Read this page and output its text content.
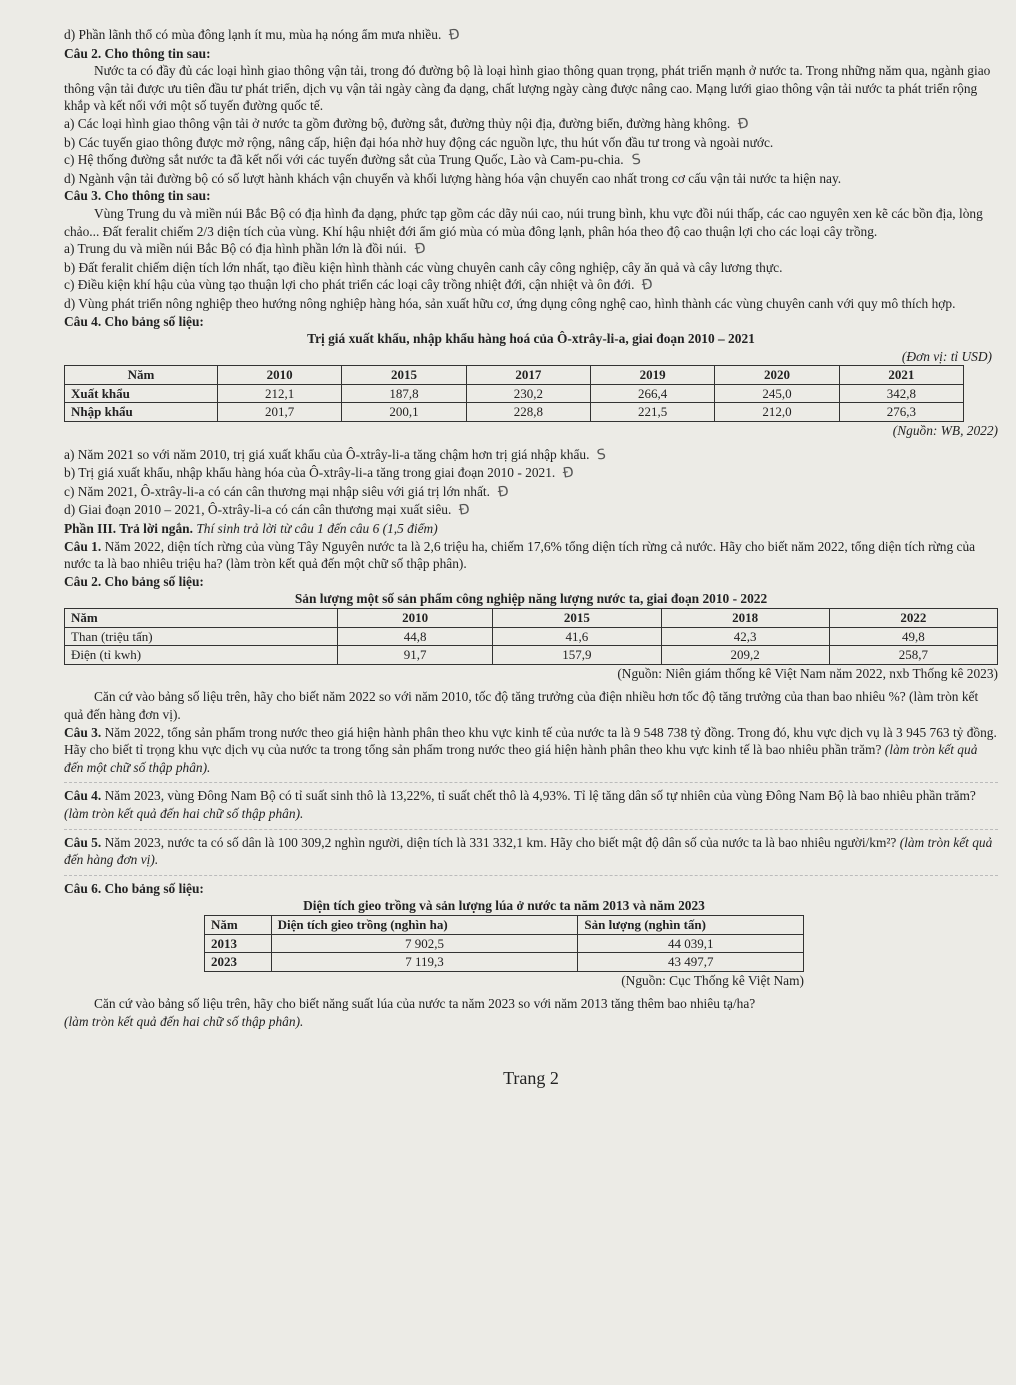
d) Phần lãnh thổ có mùa đông lạnh ít mu, mùa hạ nóng ẩm mưa nhiều. Ɖ

Câu 2. Cho thông tin sau:

Nước ta có đầy đủ các loại hình giao thông vận tải, trong đó đường bộ là loại hình giao thông quan trọng, phát triển mạnh ở nước ta. Trong những năm qua, ngành giao thông vận tải được ưu tiên đầu tư phát triển, dịch vụ vận tải ngày càng đa dạng, chất lượng ngày càng được nâng cao. Mạng lưới giao thông vận tải nước ta phát triển rộng khắp và kết nối với một số tuyến đường quốc tế.

a) Các loại hình giao thông vận tải ở nước ta gồm đường bộ, đường sắt, đường thủy nội địa, đường biển, đường hàng không. Ɖ

b) Các tuyến giao thông được mở rộng, nâng cấp, hiện đại hóa nhờ huy động các nguồn lực, thu hút vốn đầu tư trong và ngoài nước.

c) Hệ thống đường sắt nước ta đã kết nối với các tuyến đường sắt của Trung Quốc, Lào và Cam-pu-chia. S

d) Ngành vận tải đường bộ có số lượt hành khách vận chuyển và khối lượng hàng hóa vận chuyển cao nhất trong cơ cấu vận tải nước ta hiện nay.

Câu 3. Cho thông tin sau:

Vùng Trung du và miền núi Bắc Bộ có địa hình đa dạng, phức tạp gồm các dãy núi cao, núi trung bình, khu vực đồi núi thấp, các cao nguyên xen kẽ các bồn địa, lòng chảo... Đất feralit chiếm 2/3 diện tích của vùng. Khí hậu nhiệt đới ẩm gió mùa có mùa đông lạnh, phân hóa theo độ cao thuận lợi cho các loại cây trồng.

a) Trung du và miền núi Bắc Bộ có địa hình phần lớn là đồi núi. Ɖ

b) Đất feralit chiếm diện tích lớn nhất, tạo điều kiện hình thành các vùng chuyên canh cây công nghiệp, cây ăn quả và cây lương thực.

c) Điều kiện khí hậu của vùng tạo thuận lợi cho phát triển các loại cây trồng nhiệt đới, cận nhiệt và ôn đới. Ɖ

d) Vùng phát triển nông nghiệp theo hướng nông nghiệp hàng hóa, sản xuất hữu cơ, ứng dụng công nghệ cao, hình thành các vùng chuyên canh với quy mô thích hợp.

Câu 4. Cho bảng số liệu:

Trị giá xuất khẩu, nhập khẩu hàng hoá của Ô-xtrây-li-a, giai đoạn 2010 – 2021

(Đơn vị: tỉ USD)
Năm	2010	2015	2017	2019	2020	2021
Xuất khẩu	212,1	187,8	230,2	266,4	245,0	342,8
Nhập khẩu	201,7	200,1	228,8	221,5	212,0	276,3

(Nguồn: WB, 2022)

a) Năm 2021 so với năm 2010, trị giá xuất khẩu của Ô-xtrây-li-a tăng chậm hơn trị giá nhập khẩu. S

b) Trị giá xuất khẩu, nhập khẩu hàng hóa của Ô-xtrây-li-a tăng trong giai đoạn 2010 - 2021. Ɖ

c) Năm 2021, Ô-xtrây-li-a có cán cân thương mại nhập siêu với giá trị lớn nhất. Ɖ

d) Giai đoạn 2010 – 2021, Ô-xtrây-li-a có cán cân thương mại xuất siêu. Ɖ

Phần III. Trả lời ngắn. Thí sinh trả lời từ câu 1 đến câu 6 (1,5 điểm)

Câu 1. Năm 2022, diện tích rừng của vùng Tây Nguyên nước ta là 2,6 triệu ha, chiếm 17,6% tổng diện tích rừng cả nước. Hãy cho biết năm 2022, tổng diện tích rừng của nước ta là bao nhiêu triệu ha? (làm tròn kết quả đến một chữ số thập phân).

Câu 2. Cho bảng số liệu:

Sản lượng một số sản phẩm công nghiệp năng lượng nước ta, giai đoạn 2010 - 2022

Năm	2010	2015	2018	2022
Than (triệu tấn)	44,8	41,6	42,3	49,8
Điện (tỉ kwh)	91,7	157,9	209,2	258,7

(Nguồn: Niên giám thống kê Việt Nam năm 2022, nxb Thống kê 2023)

Căn cứ vào bảng số liệu trên, hãy cho biết năm 2022 so với năm 2010, tốc độ tăng trưởng của điện nhiều hơn tốc độ tăng trưởng của than bao nhiêu %? (làm tròn kết quả đến hàng đơn vị).

Câu 3. Năm 2022, tổng sản phẩm trong nước theo giá hiện hành phân theo khu vực kinh tế của nước ta là 9 548 738 tỷ đồng. Trong đó, khu vực dịch vụ là 3 945 763 tỷ đồng. Hãy cho biết tỉ trọng khu vực dịch vụ của nước ta trong tổng sản phẩm trong nước theo giá hiện hành phân theo khu vực kinh tế là bao nhiêu phần trăm? (làm tròn kết quả đến một chữ số thập phân).

Câu 4. Năm 2023, vùng Đông Nam Bộ có tỉ suất sinh thô là 13,22%, tỉ suất chết thô là 4,93%. Tỉ lệ tăng dân số tự nhiên của vùng Đông Nam Bộ là bao nhiêu phần trăm? (làm tròn kết quả đến hai chữ số thập phân).

Câu 5. Năm 2023, nước ta có số dân là 100 309,2 nghìn người, diện tích là 331 332,1 km. Hãy cho biết mật độ dân số của nước ta là bao nhiêu người/km²? (làm tròn kết quả đến hàng đơn vị).

Câu 6. Cho bảng số liệu:

Diện tích gieo trồng và sản lượng lúa ở nước ta năm 2013 và năm 2023

Năm	Diện tích gieo trồng (nghìn ha)	Sản lượng (nghìn tấn)
2013	7 902,5	44 039,1
2023	7 119,3	43 497,7

(Nguồn: Cục Thống kê Việt Nam)

Căn cứ vào bảng số liệu trên, hãy cho biết năng suất lúa của nước ta năm 2023 so với năm 2013 tăng thêm bao nhiêu tạ/ha?

(làm tròn kết quả đến hai chữ số thập phân).

Trang 2
